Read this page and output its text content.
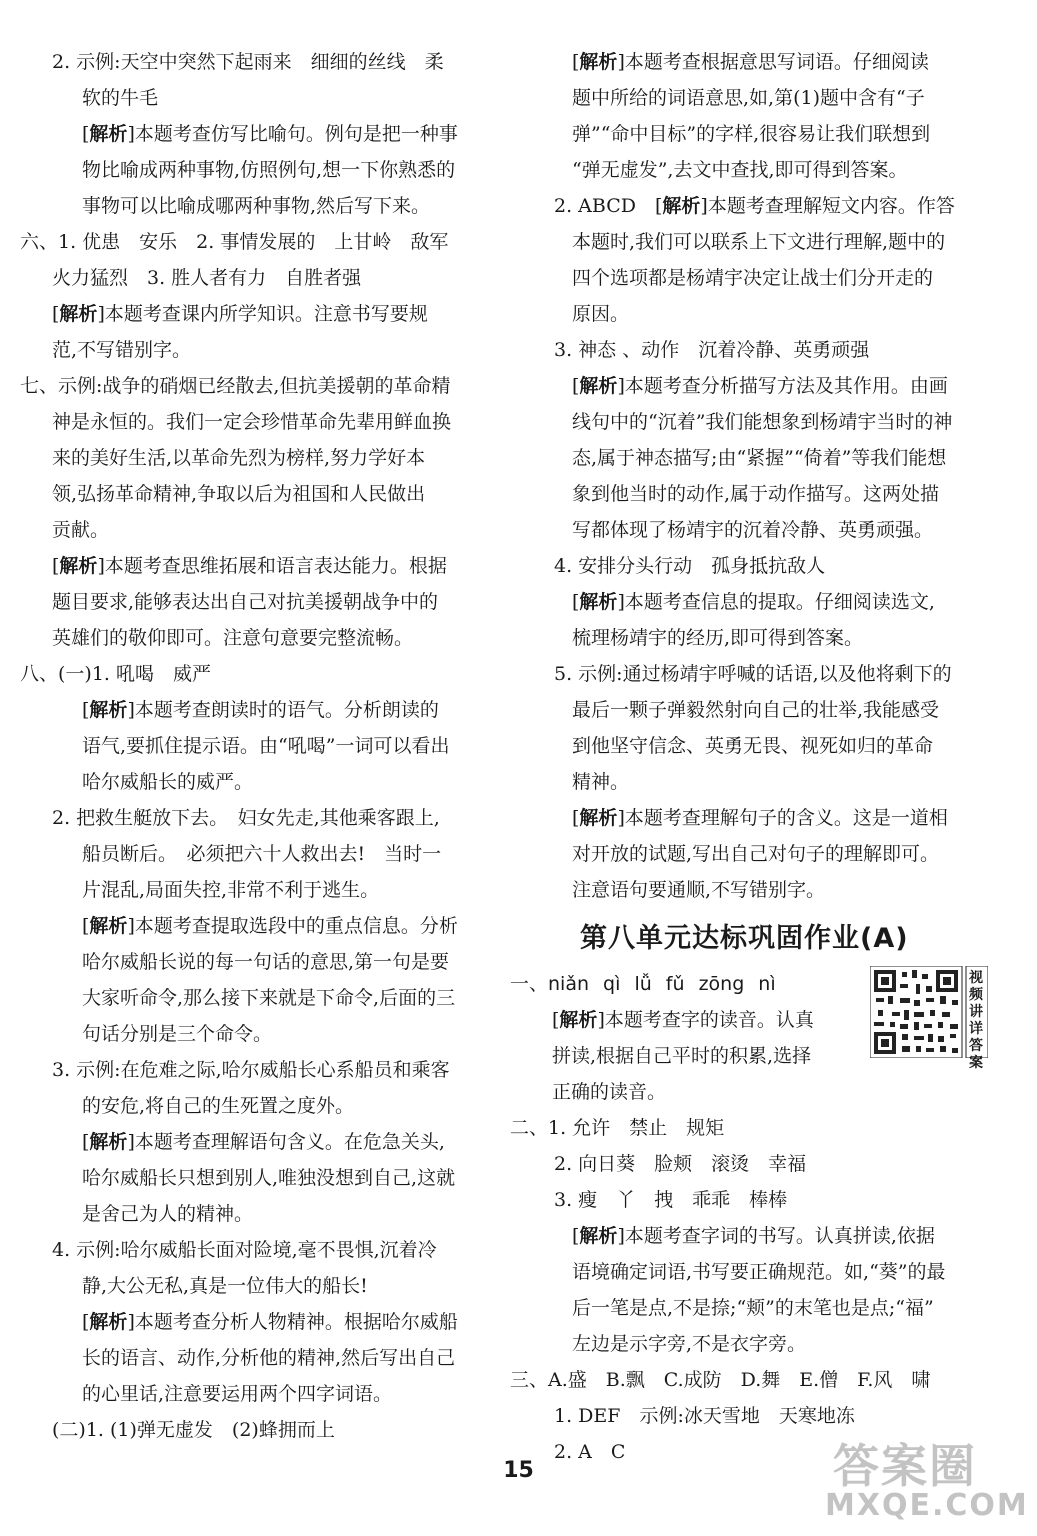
2. 示例:天空中突然下起雨来　细细的丝线　柔
软的牛毛
[解析]本题考查仿写比喻句。例句是把一种事
物比喻成两种事物,仿照例句,想一下你熟悉的
事物可以比喻成哪两种事物,然后写下来。
六、1. 优患　安乐　2. 事情发展的　上甘岭　敌军
火力猛烈　3. 胜人者有力　自胜者强
[解析]本题考查课内所学知识。注意书写要规
范,不写错别字。
七、示例:战争的硝烟已经散去,但抗美援朝的革命精
神是永恒的。我们一定会珍惜革命先辈用鲜血换
来的美好生活,以革命先烈为榜样,努力学好本
领,弘扬革命精神,争取以后为祖国和人民做出
贡献。
[解析]本题考查思维拓展和语言表达能力。根据
题目要求,能够表达出自己对抗美援朝战争中的
英雄们的敬仰即可。注意句意要完整流畅。
八、(一)1. 吼喝　威严
[解析]本题考查朗读时的语气。分析朗读的
语气,要抓住提示语。由“吼喝”一词可以看出
哈尔威船长的威严。
2. 把救生艇放下去。　妇女先走,其他乘客跟上,
船员断后。　必须把六十人救出去!　当时一
片混乱,局面失控,非常不利于逃生。
[解析]本题考查提取选段中的重点信息。分析
哈尔威船长说的每一句话的意思,第一句是要
大家听命令,那么接下来就是下命令,后面的三
句话分别是三个命令。
3. 示例:在危难之际,哈尔威船长心系船员和乘客
的安危,将自己的生死置之度外。
[解析]本题考查理解语句含义。在危急关头,
哈尔威船长只想到别人,唯独没想到自己,这就
是舍己为人的精神。
4. 示例:哈尔威船长面对险境,毫不畏惧,沉着冷
静,大公无私,真是一位伟大的船长!
[解析]本题考查分析人物精神。根据哈尔威船
长的语言、动作,分析他的精神,然后写出自己
的心里话,注意要运用两个四字词语。
(二)1. (1)弹无虚发　(2)蜂拥而上
第八单元达标巩固作业(A)
视频讲详答案
[解析]本题考查根据意思写词语。仔细阅读
题中所给的词语意思,如,第(1)题中含有“子
弹”“命中目标”的字样,很容易让我们联想到
“弹无虚发”,去文中查找,即可得到答案。
2. ABCD　[解析]本题考查理解短文内容。作答
本题时,我们可以联系上下文进行理解,题中的
四个选项都是杨靖宇决定让战士们分开走的
原因。
3. 神态 、动作　沉着冷静、英勇顽强
[解析]本题考查分析描写方法及其作用。由画
线句中的“沉着”我们能想象到杨靖宇当时的神
态,属于神态描写;由“紧握”“倚着”等我们能想
象到他当时的动作,属于动作描写。这两处描
写都体现了杨靖宇的沉着冷静、英勇顽强。
4. 安排分头行动　孤身抵抗敌人
[解析]本题考查信息的提取。仔细阅读选文,
梳理杨靖宇的经历,即可得到答案。
5. 示例:通过杨靖宇呼喊的话语,以及他将剩下的
最后一颗子弹毅然射向自己的壮举,我能感受
到他坚守信念、英勇无畏、视死如归的革命
精神。
[解析]本题考查理解句子的含义。这是一道相
对开放的试题,写出自己对句子的理解即可。
注意语句要通顺,不写错别字。
一、niǎn qì lǚ fǔ zōng nì
[解析]本题考查字的读音。认真
拼读,根据自己平时的积累,选择
正确的读音。
二、1. 允许　禁止　规矩
2. 向日葵　脸颊　滚烫　幸福
3. 瘦　丫　拽　乖乖　棒棒
[解析]本题考查字词的书写。认真拼读,依据
语境确定词语,书写要正确规范。如,“葵”的最
后一笔是点,不是捺;“颊”的末笔也是点;“福”
左边是示字旁,不是衣字旁。
三、A.盛　B.飘　C.成防　D.舞　E.僧　F.风　啸
1. DEF　示例:冰天雪地　天寒地冻
2. A　C
15	答案圈
MXQE.COM
